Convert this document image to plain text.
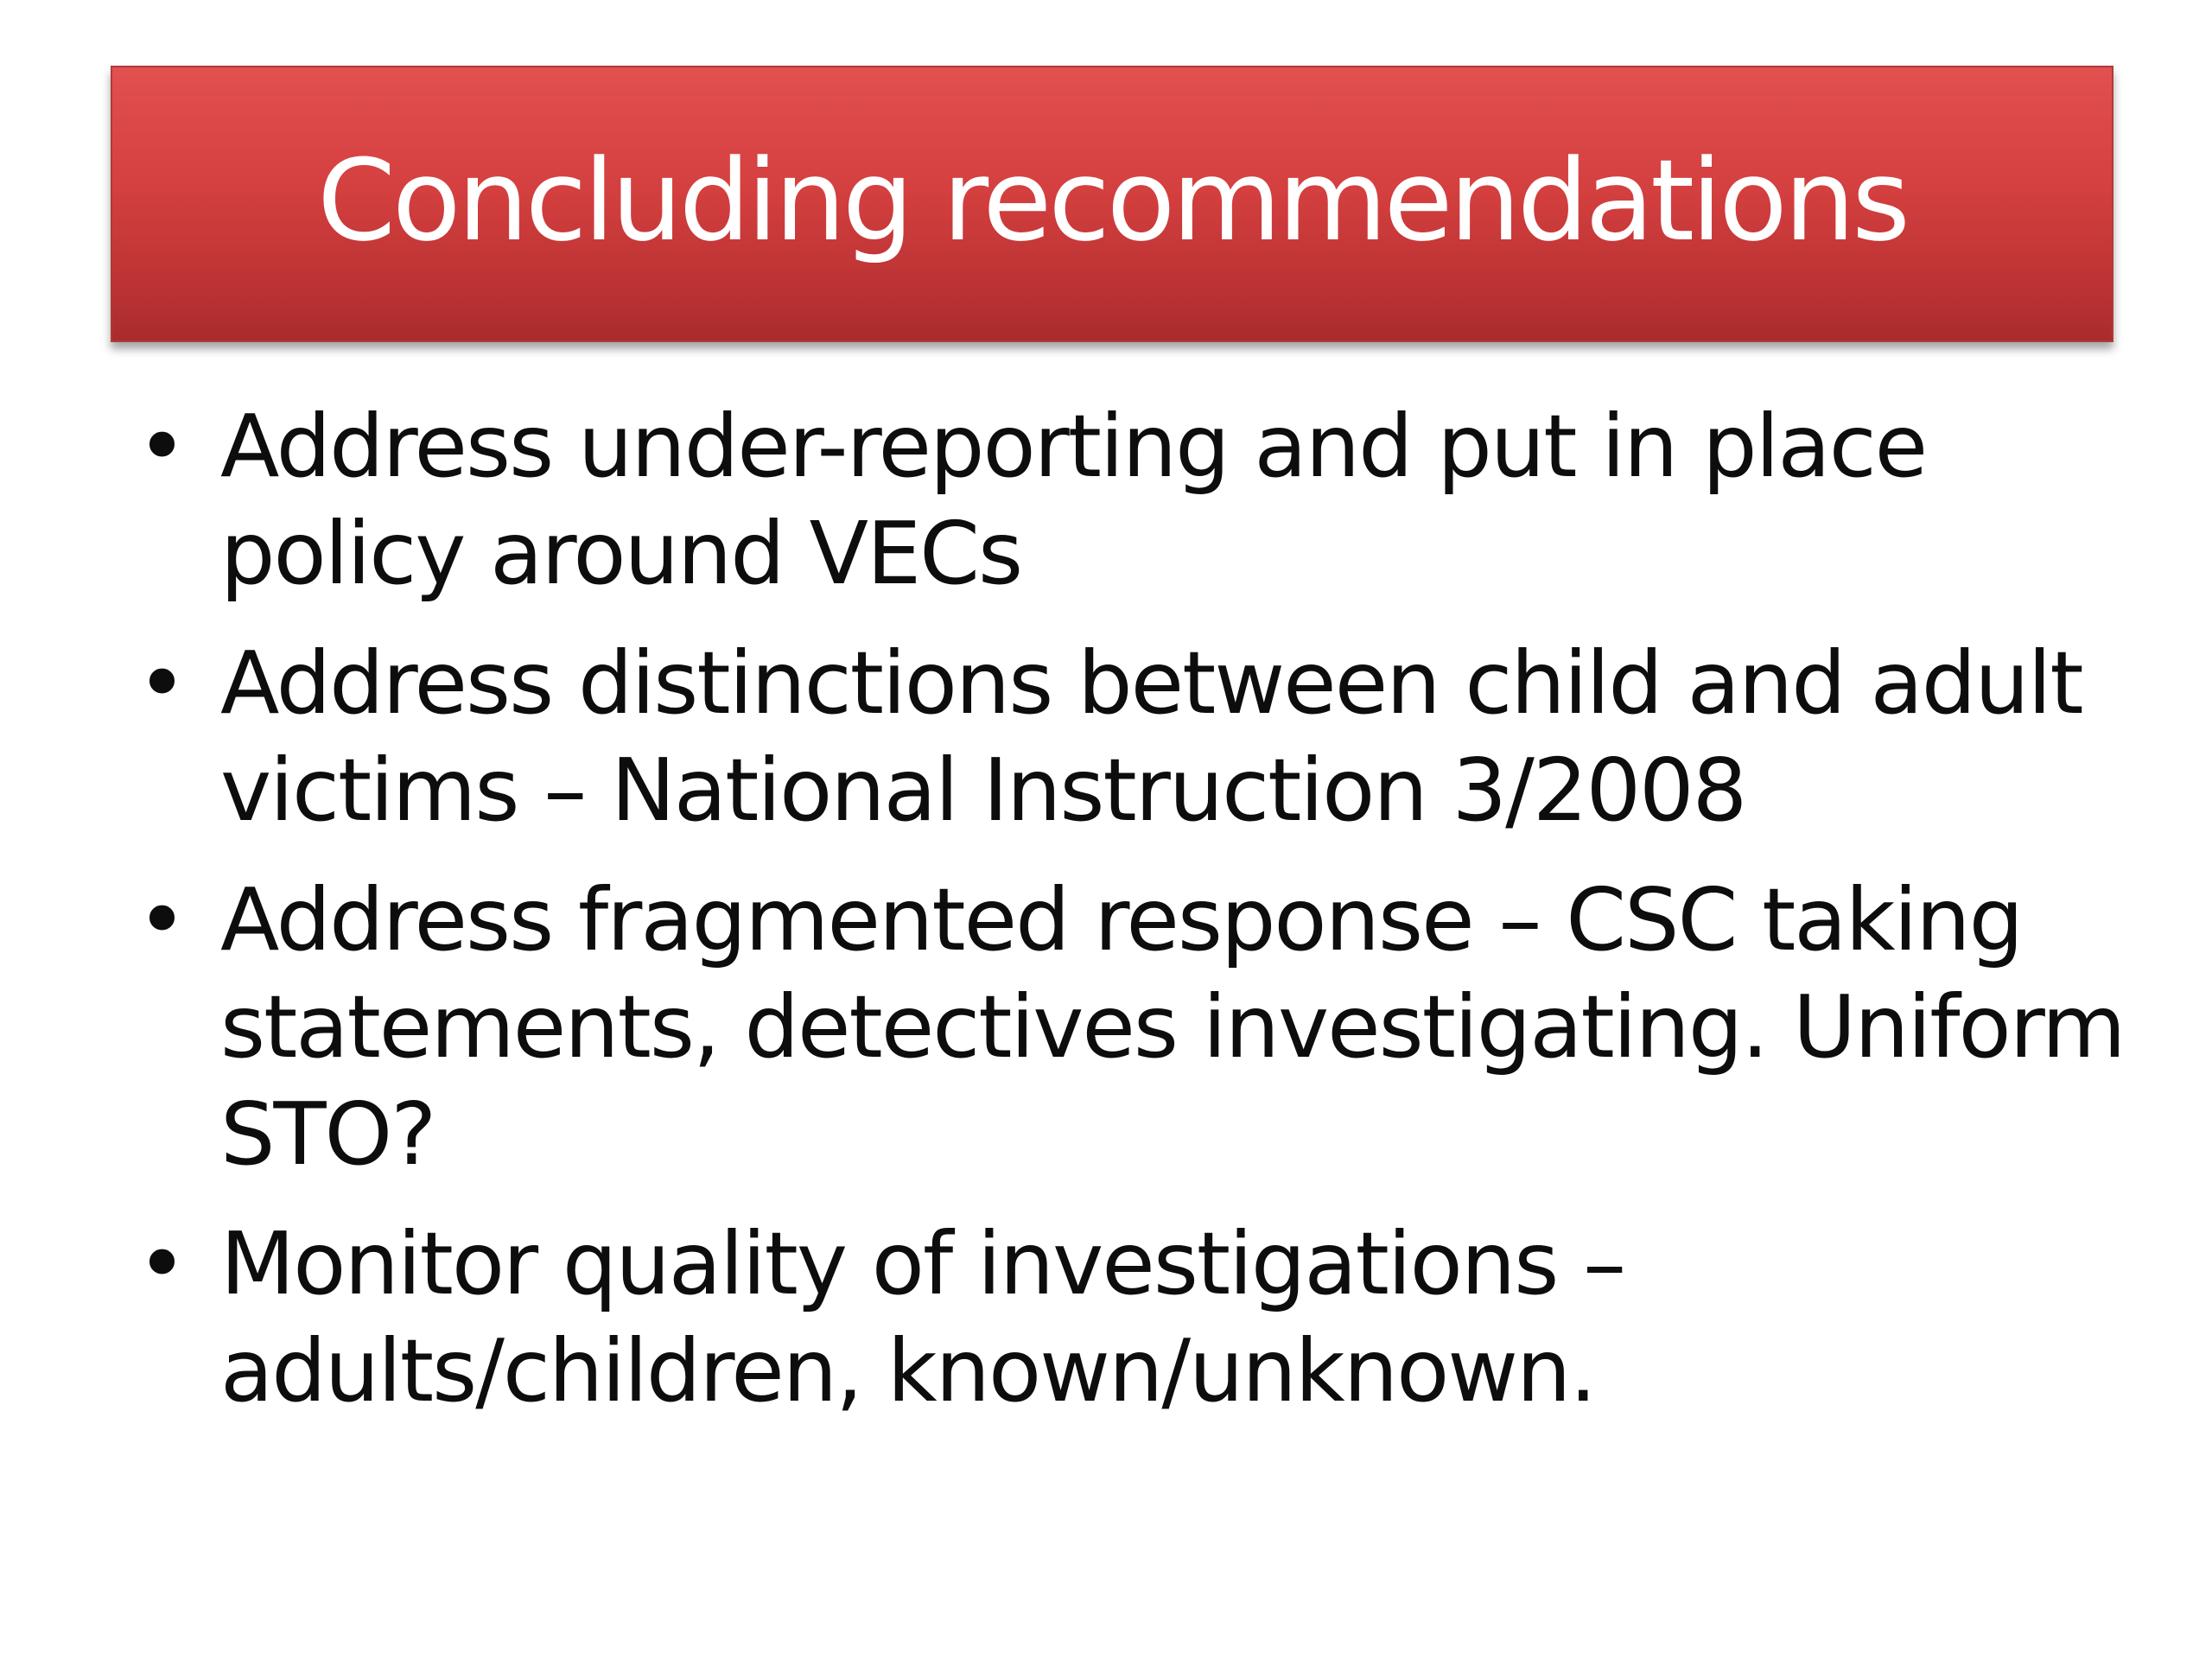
Concluding recommendations
• Address under-reporting and put in place
policy around VECs
• Address distinctions between child and adult
victims – National Instruction 3/2008
• Address fragmented response – CSC taking
statements, detectives investigating. Uniform
STO?
• Monitor quality of investigations –
adults/children, known/unknown.
